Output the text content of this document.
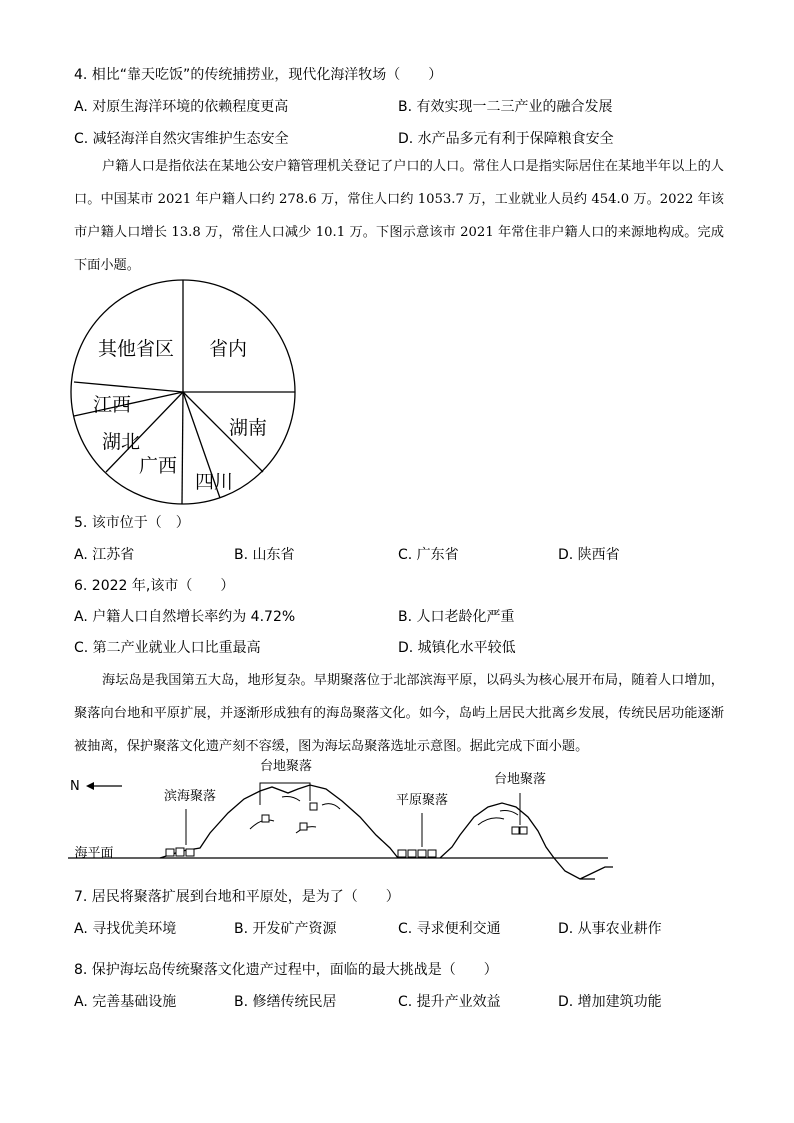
4. 相比“靠天吃饭”的传统捕捞业，现代化海洋牧场（　　）
A. 对原生海洋环境的依赖程度更高	B. 有效实现一二三产业的融合发展
C. 减轻海洋自然灾害维护生态安全	D. 水产品多元有利于保障粮食安全
户籍人口是指依法在某地公安户籍管理机关登记了户口的人口。常住人口是指实际居住在某地半年以上的人口。中国某市 2021 年户籍人口约 278.6 万，常住人口约 1053.7 万，工业就业人员约 454.0 万。2022 年该市户籍人口增长 13.8 万，常住人口减少 10.1 万。下图示意该市 2021 年常住非户籍人口的来源地构成。完成下面小题。
其他省区 省内
湖南
四川
广西
湖北
江西
5. 该市位于（　）
A. 江苏省	B. 山东省	C. 广东省	D. 陕西省
6. 2022 年,该市（　　）
A. 户籍人口自然增长率约为 4.72%	B. 人口老龄化严重
C. 第二产业就业人口比重最高	D. 城镇化水平较低
海坛岛是我国第五大岛，地形复杂。早期聚落位于北部滨海平原，以码头为核心展开布局，随着人口增加，聚落向台地和平原扩展，并逐渐形成独有的海岛聚落文化。如今，岛屿上居民大批离乡发展，传统民居功能逐渐被抽离，保护聚落文化遗产刻不容缓，图为海坛岛聚落选址示意图。据此完成下面小题。
N
台地聚落
滨海聚落	平原聚落
台地聚落
海平面
7. 居民将聚落扩展到台地和平原处，是为了（　　）
A. 寻找优美环境	B. 开发矿产资源	C. 寻求便利交通	D. 从事农业耕作
8. 保护海坛岛传统聚落文化遗产过程中，面临的最大挑战是（　　）
A. 完善基础设施	B. 修缮传统民居	C. 提升产业效益	D. 增加建筑功能
